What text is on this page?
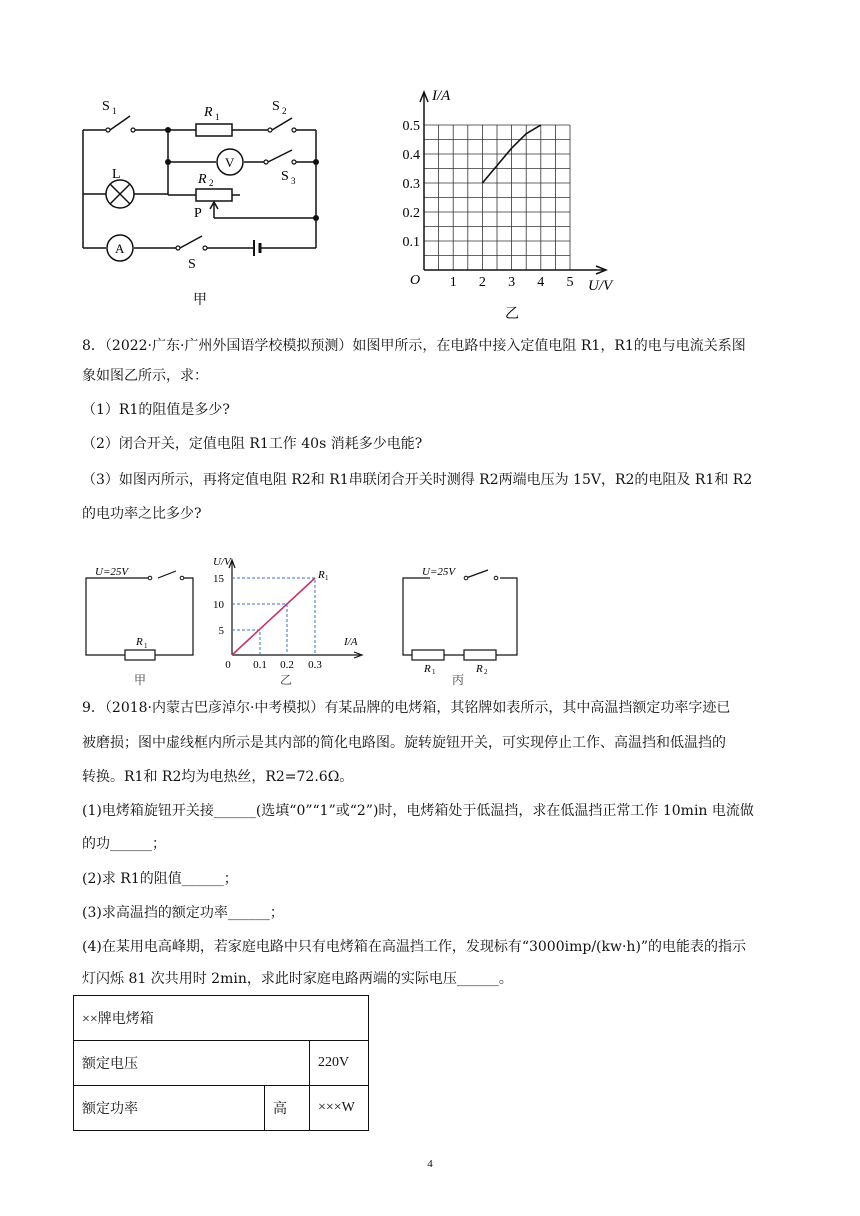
S 1	R 1
S 2
V
S 3
L	R 2
P
A
S
甲
1 2 3 4 5
0.1
0.2
0.3
0.4
0.5
I/A
U/V
O
乙
8．（2022·广东·广州外国语学校模拟预测）如图甲所示，在电路中接入定值电阻 R1，R1的电与电流关系图
象如图乙所示，求：
（1）R1的阻值是多少?
（2）闭合开关，定值电阻 R1工作 40s 消耗多少电能?
（3）如图丙所示，再将定值电阻 R2和 R1串联闭合开关时测得 R2两端电压为 15V，R2的电阻及 R1和 R2
的电功率之比多少?
U=25V
R 1
U/V
I/A
15
10
5
0 0.1 0.2 0.3
R 1	U=25V
R 1	R 2
甲	乙	丙
9．（2018·内蒙古巴彦淖尔·中考模拟）有某品牌的电烤箱，其铭牌如表所示，其中高温挡额定功率字迹已
被磨损；图中虚线框内所示是其内部的简化电路图。旋转旋钮开关，可实现停止工作、高温挡和低温挡的
转换。R1和 R2均为电热丝，R2=72.6Ω。
(1)电烤箱旋钮开关接______(选填“0”“1”或“2”)时，电烤箱处于低温挡，求在低温挡正常工作 10min 电流做
的功______；
(2)求 R1的阻值______；
(3)求高温挡的额定功率______；
(4)在某用电高峰期，若家庭电路中只有电烤箱在高温挡工作，发现标有“3000imp/(kw·h)”的电能表的指示
灯闪烁 81 次共用时 2min，求此时家庭电路两端的实际电压______。
××牌电烤箱		
额定电压		220V
额定功率	高	×××W
4
